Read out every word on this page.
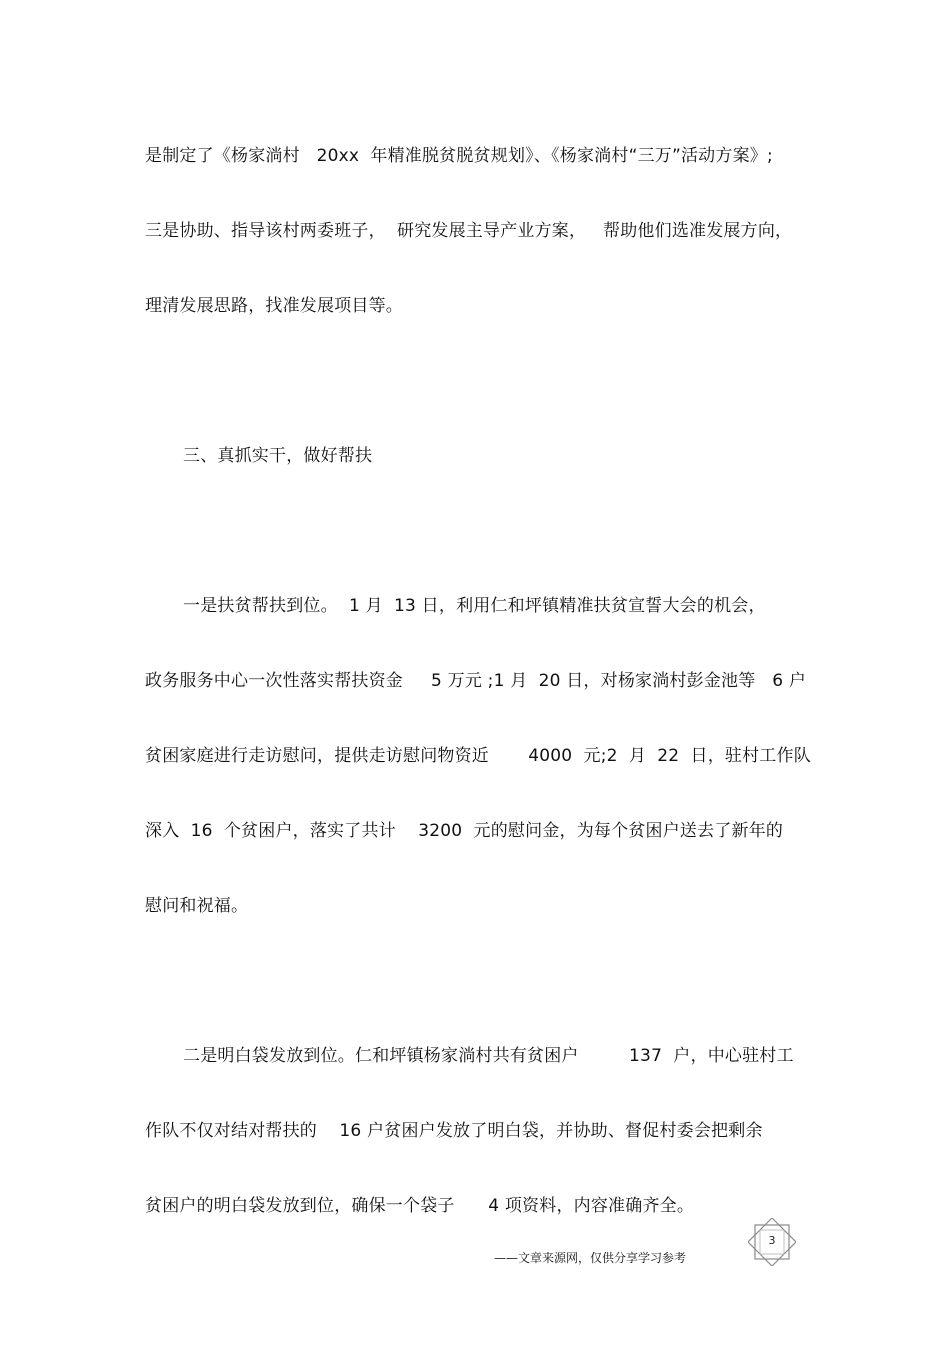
是制定了《杨家淌村   20xx  年精准脱贫脱贫规划》、《杨家淌村“三万”活动方案》;

三是协助、指导该村两委班子，  研究发展主导产业方案，   帮助他们选准发展方向，

理清发展思路，找准发展项目等。

三、真抓实干，做好帮扶

一是扶贫帮扶到位。  1 月  13 日，利用仁和坪镇精准扶贫宣誓大会的机会，

政务服务中心一次性落实帮扶资金     5 万元 ;1 月  20 日，对杨家淌村彭金池等   6 户

贫困家庭进行走访慰问，提供走访慰问物资近       4000  元;2  月  22  日，驻村工作队

深入  16  个贫困户，落实了共计    3200  元的慰问金，为每个贫困户送去了新年的

慰问和祝福。

二是明白袋发放到位。仁和坪镇杨家淌村共有贫困户         137  户，中心驻村工

作队不仅对结对帮扶的    16 户贫困户发放了明白袋，并协助、督促村委会把剩余

贫困户的明白袋发放到位，确保一个袋子      4 项资料，内容准确齐全。

3

——文章来源网，仅供分享学习参考
